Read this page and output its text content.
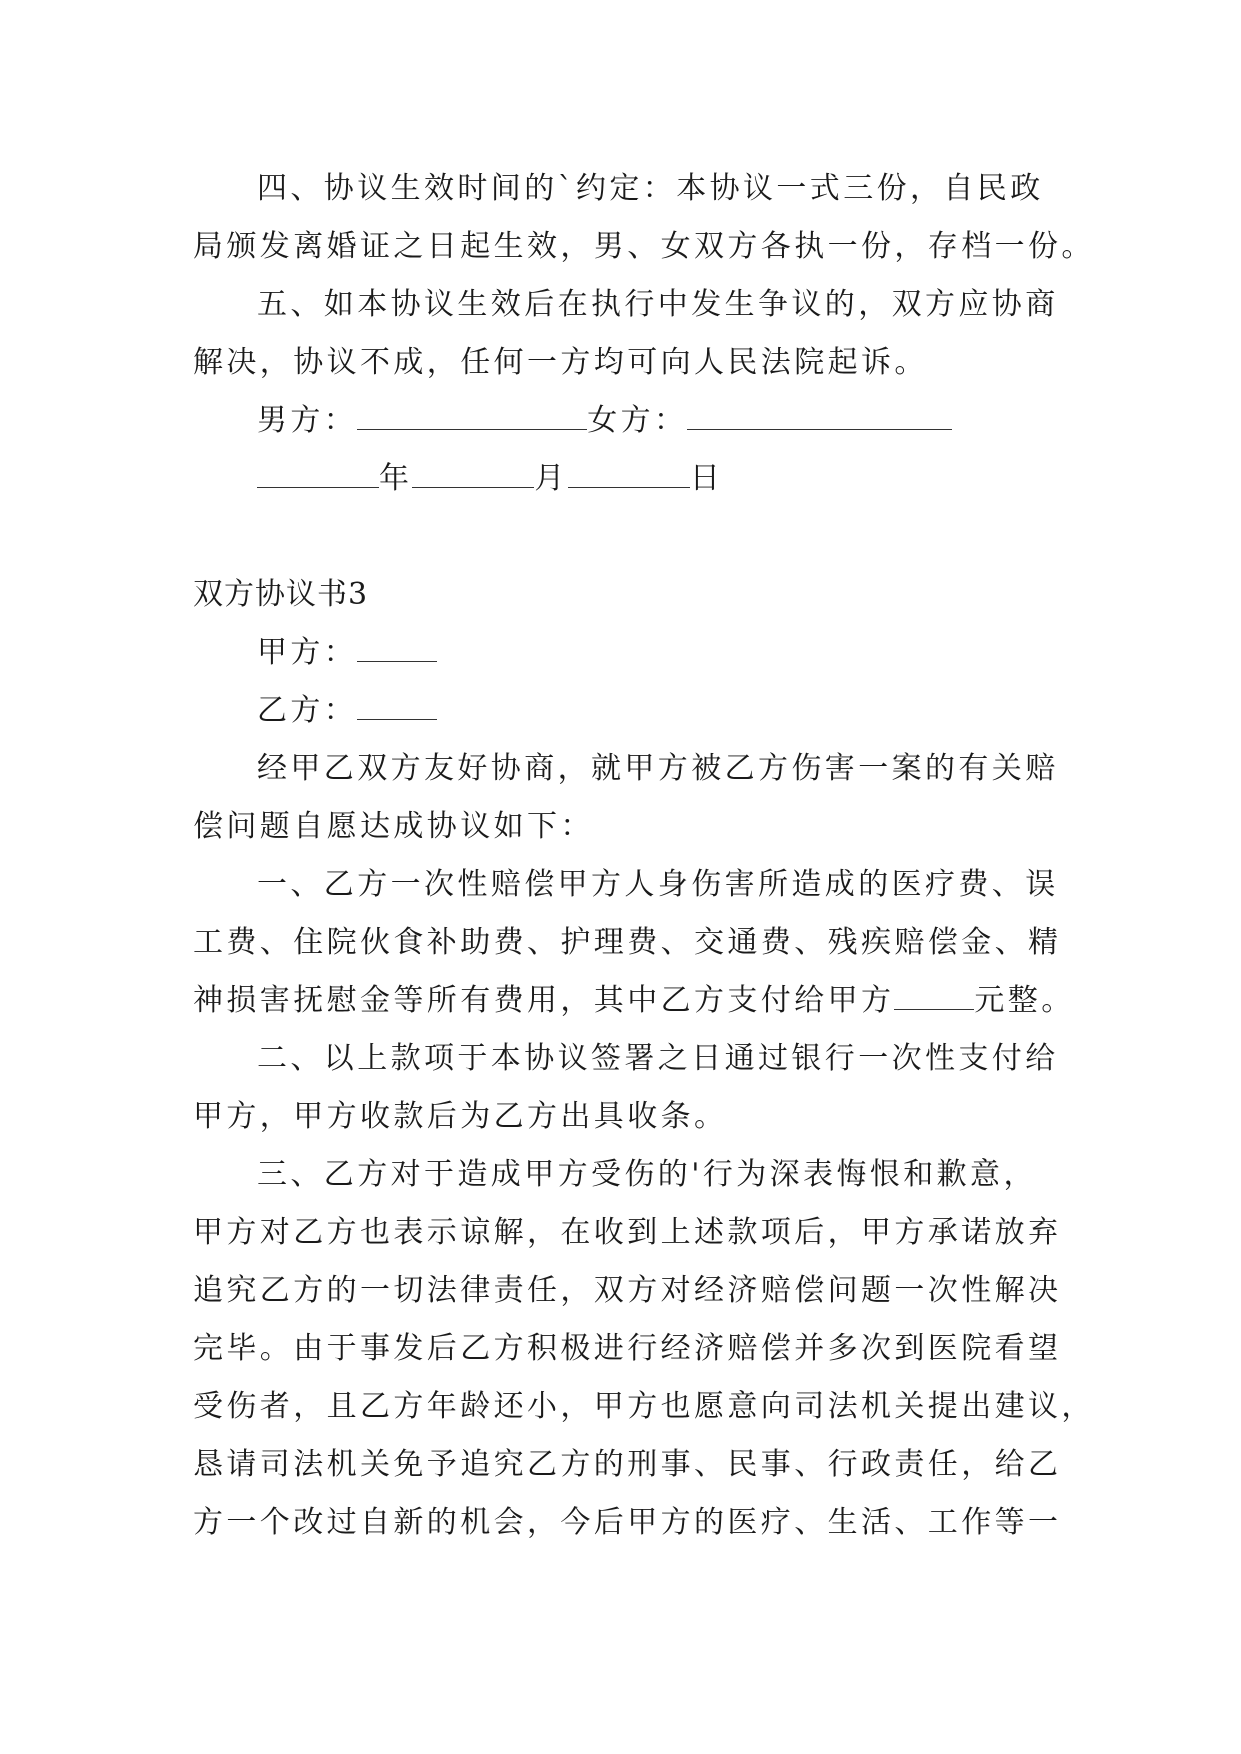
四、协议生效时间的`约定：本协议一式三份，自民政
局颁发离婚证之日起生效，男、女双方各执一份，存档一份。
五、如本协议生效后在执行中发生争议的，双方应协商
解决，协议不成，任何一方均可向人民法院起诉。
男方：	女方：
年	月	日
双方协议书3
甲方：
乙方：
经甲乙双方友好协商，就甲方被乙方伤害一案的有关赔
偿问题自愿达成协议如下：
一、乙方一次性赔偿甲方人身伤害所造成的医疗费、误
工费、住院伙食补助费、护理费、交通费、残疾赔偿金、精
神损害抚慰金等所有费用，其中乙方支付给甲方	元整。
二、以上款项于本协议签署之日通过银行一次性支付给
甲方，甲方收款后为乙方出具收条。
三、乙方对于造成甲方受伤的'行为深表悔恨和歉意，
甲方对乙方也表示谅解，在收到上述款项后，甲方承诺放弃
追究乙方的一切法律责任，双方对经济赔偿问题一次性解决
完毕。由于事发后乙方积极进行经济赔偿并多次到医院看望
受伤者，且乙方年龄还小，甲方也愿意向司法机关提出建议，
恳请司法机关免予追究乙方的刑事、民事、行政责任，给乙
方一个改过自新的机会，今后甲方的医疗、生活、工作等一
